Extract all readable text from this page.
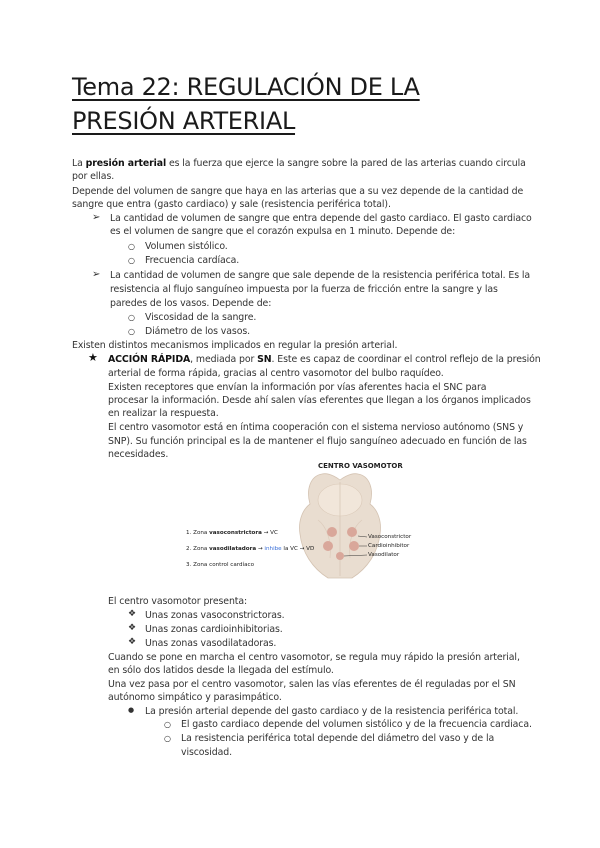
Tema 22: REGULACIÓN DE LA
PRESIÓN ARTERIAL
La presión arterial es la fuerza que ejerce la sangre sobre la pared de las arterias cuando circula
por ellas.
Depende del volumen de sangre que haya en las arterias que a su vez depende de la cantidad de
sangre que entra (gasto cardiaco) y sale (resistencia periférica total).
➢ La cantidad de volumen de sangre que entra depende del gasto cardiaco. El gasto cardiaco
es el volumen de sangre que el corazón expulsa en 1 minuto. Depende de:
○ Volumen sistólico.
○ Frecuencia cardíaca.
➢ La cantidad de volumen de sangre que sale depende de la resistencia periférica total. Es la
resistencia al flujo sanguíneo impuesta por la fuerza de fricción entre la sangre y las
paredes de los vasos. Depende de:
○ Viscosidad de la sangre.
○ Diámetro de los vasos.
Existen distintos mecanismos implicados en regular la presión arterial.
★ ACCIÓN RÁPIDA, mediada por SN. Este es capaz de coordinar el control reflejo de la presión
arterial de forma rápida, gracias al centro vasomotor del bulbo raquídeo.
Existen receptores que envían la información por vías aferentes hacia el SNC para
procesar la información. Desde ahí salen vías eferentes que llegan a los órganos implicados
en realizar la respuesta.
El centro vasomotor está en íntima cooperación con el sistema nervioso autónomo (SNS y
SNP). Su función principal es la de mantener el flujo sanguíneo adecuado en función de las
necesidades.
CENTRO VASOMOTOR
1. Zona vasoconstrictora → VC
2. Zona vasodilatadora → inhibe la VC → VD
3. Zona control cardíaco
Vasoconstrictor
Cardioinhibitor
Vasodilator
El centro vasomotor presenta:
❖ Unas zonas vasoconstrictoras.
❖ Unas zonas cardioinhibitorias.
❖ Unas zonas vasodilatadoras.
Cuando se pone en marcha el centro vasomotor, se regula muy rápido la presión arterial,
en sólo dos latidos desde la llegada del estímulo.
Una vez pasa por el centro vasomotor, salen las vías eferentes de él reguladas por el SN
autónomo simpático y parasimpático.
● La presión arterial depende del gasto cardiaco y de la resistencia periférica total.
○ El gasto cardiaco depende del volumen sistólico y de la frecuencia cardiaca.
○ La resistencia periférica total depende del diámetro del vaso y de la
viscosidad.
